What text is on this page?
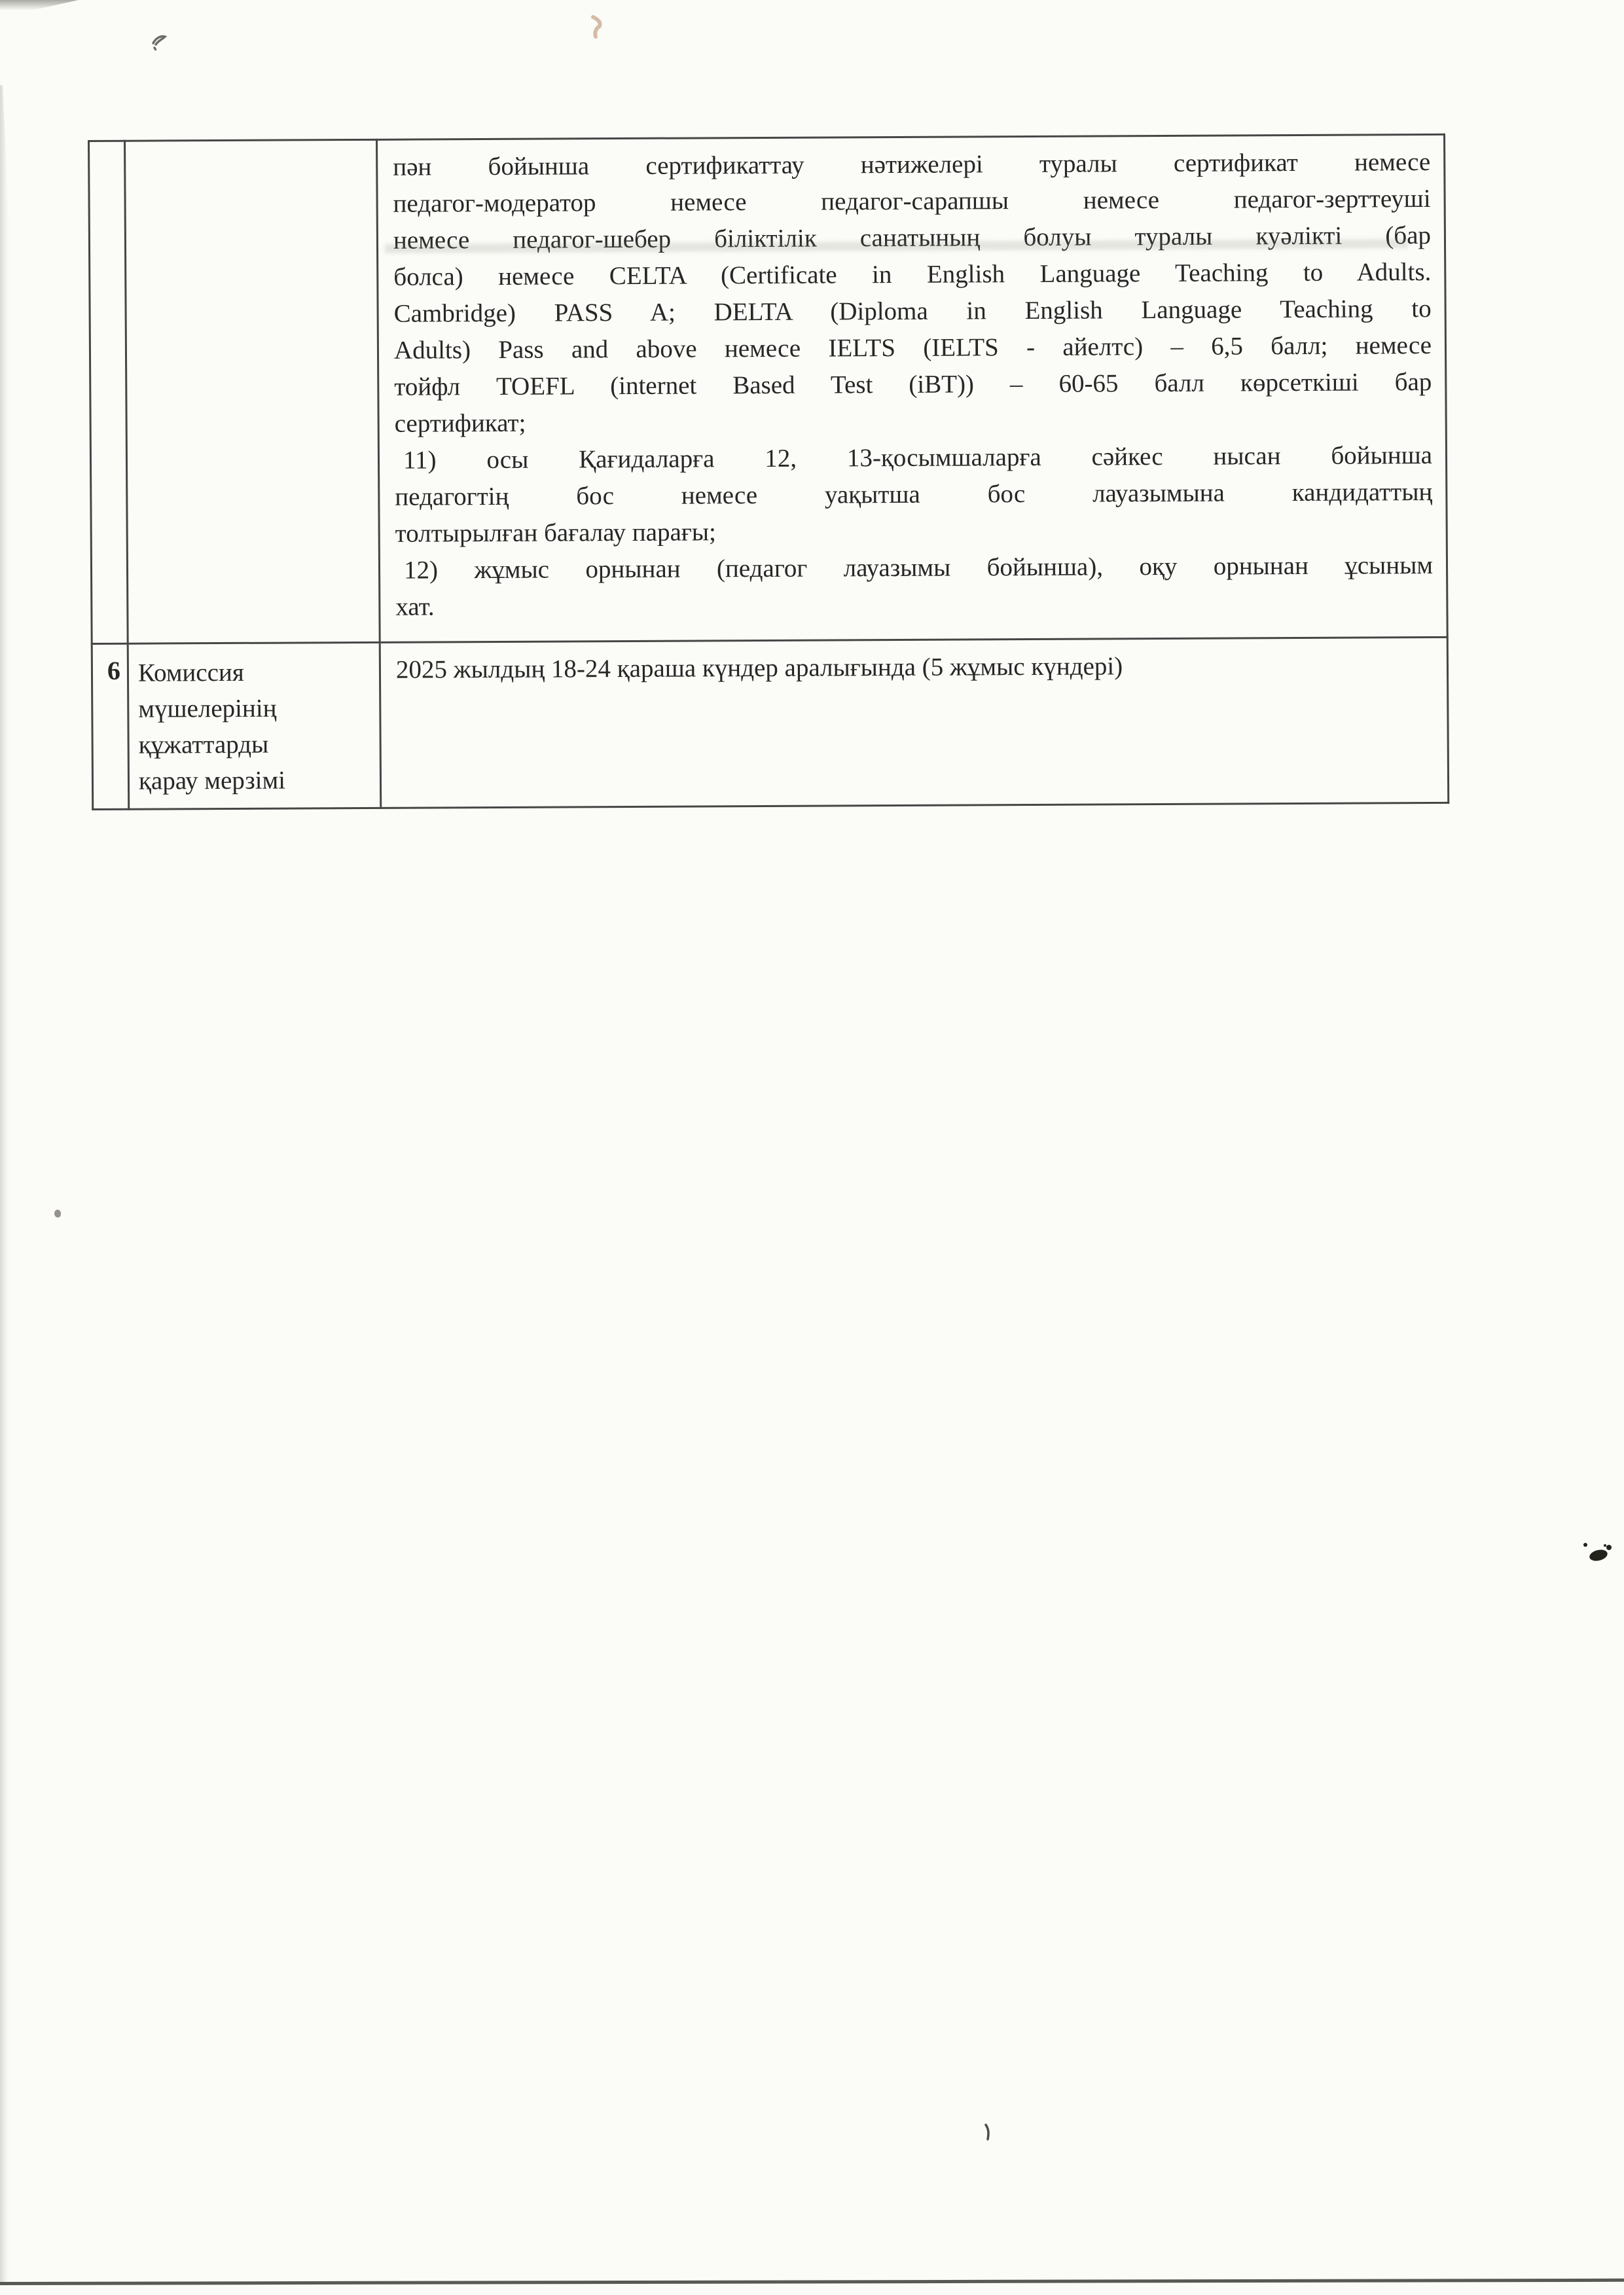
пән бойынша сертификаттау нәтижелері туралы сертификат немесе
педагог-модератор немесе педагог-сарапшы немесе педагог-зерттеуші
немесе педагог-шебер біліктілік санатының болуы туралы куәлікті (бар
болса) немесе CELTA (Certificate in English Language Teaching to Adults.
Cambridge) PASS A; DELTA (Diploma in English Language Teaching to
Adults) Pass and above немесе IELTS (IELTS - айелтс) – 6,5 балл; немесе
тойфл TOEFL (internet Based Test (iBT)) – 60-65 балл көрсеткіші бар
сертификат;
11) осы Қағидаларға 12, 13-қосымшаларға сәйкес нысан бойынша
педагогтің бос немесе уақытша бос лауазымына кандидаттың
толтырылған бағалау парағы;
12) жұмыс орнынан (педагог лауазымы бойынша), оқу орнынан ұсыным
хат.

6	Комиссия
мүшелерінің
құжаттарды
қарау мерзімі	2025 жылдың 18-24 қараша күндер аралығында (5 жұмыс күндері)
